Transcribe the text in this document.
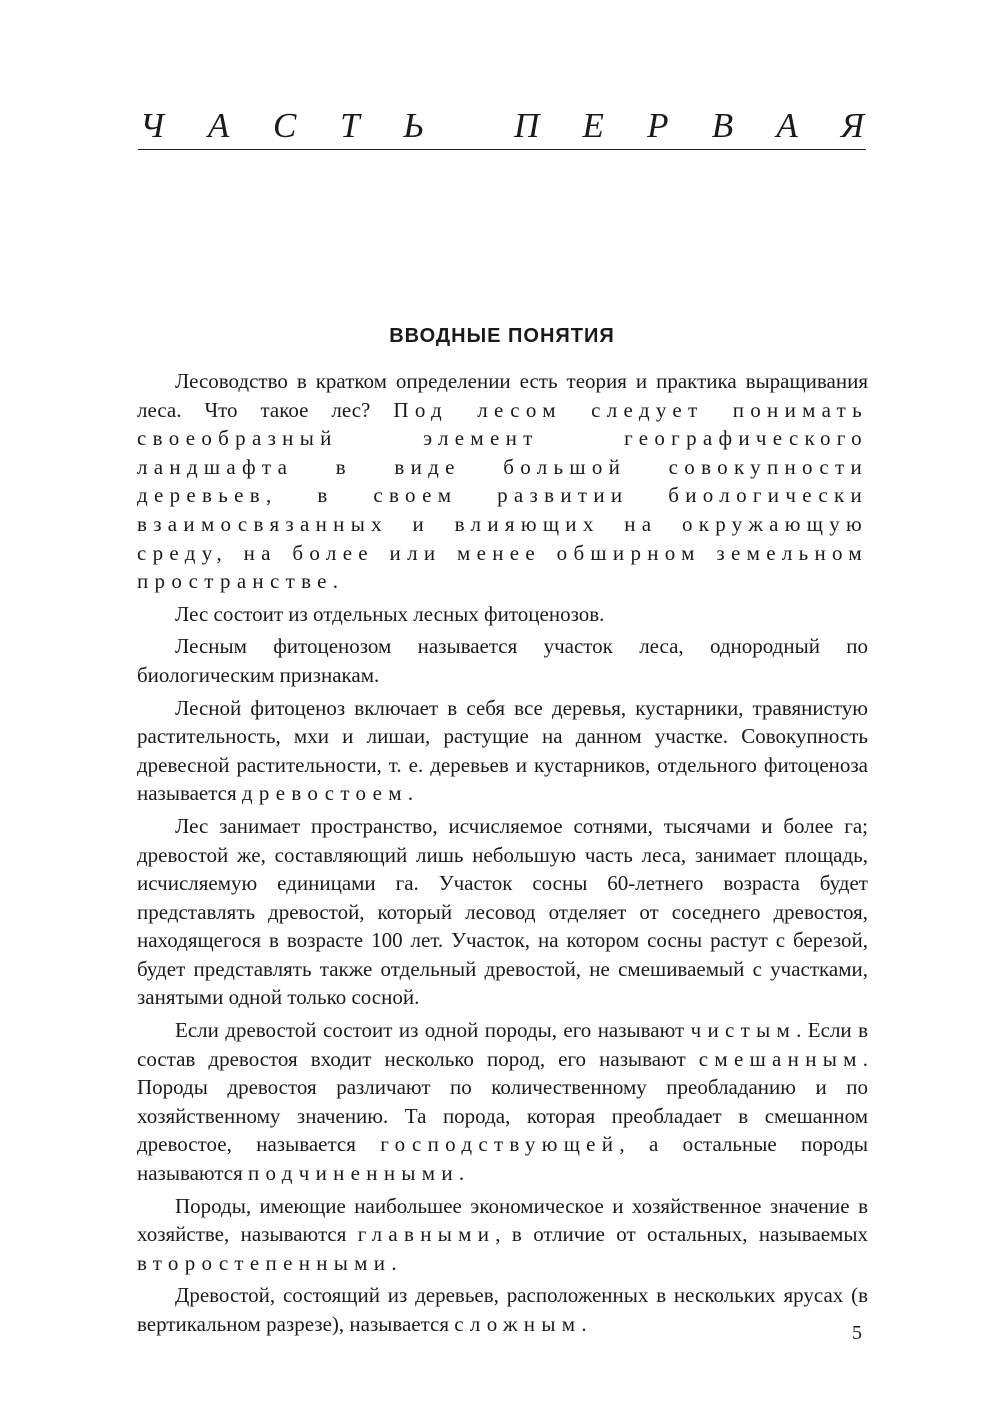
Ч А С Т Ь	П Е Р В А Я
ВВОДНЫЕ ПОНЯТИЯ

Лесоводство в кратком определении есть теория и практика выращивания леса. Что такое лес? Под лесом следует понимать своеобразный элемент географического ландшафта в виде большой совокупности деревьев, в своем развитии биологически взаимосвязанных и влияющих на окружающую среду, на более или менее обширном земельном пространстве.

Лес состоит из отдельных лесных фитоценозов.

Лесным фитоценозом называется участок леса, однородный по биологическим признакам.

Лесной фитоценоз включает в себя все деревья, кустарники, травянистую растительность, мхи и лишаи, растущие на данном участке. Совокупность древесной растительности, т. е. деревьев и кустарников, отдельного фитоценоза называется древостоем.

Лес занимает пространство, исчисляемое сотнями, тысячами и более га; древостой же, составляющий лишь небольшую часть леса, занимает площадь, исчисляемую единицами га. Участок сосны 60-летнего возраста будет представлять древостой, который лесовод отделяет от соседнего древостоя, находящегося в возрасте 100 лет. Участок, на котором сосны растут с березой, будет представлять также отдельный древостой, не смешиваемый с участками, занятыми одной только сосной.

Если древостой состоит из одной породы, его называют чистым. Если в состав древостоя входит несколько пород, его называют смешанным. Породы древостоя различают по количественному преобладанию и по хозяйственному значению. Та порода, которая преобладает в смешанном древостое, называется господствующей, а остальные породы называются подчиненными.

Породы, имеющие наибольшее экономическое и хозяйственное значение в хозяйстве, называются главными, в отличие от остальных, называемых второстепенными.

Древостой, состоящий из деревьев, расположенных в нескольких ярусах (в вертикальном разрезе), называется сложным.	5
